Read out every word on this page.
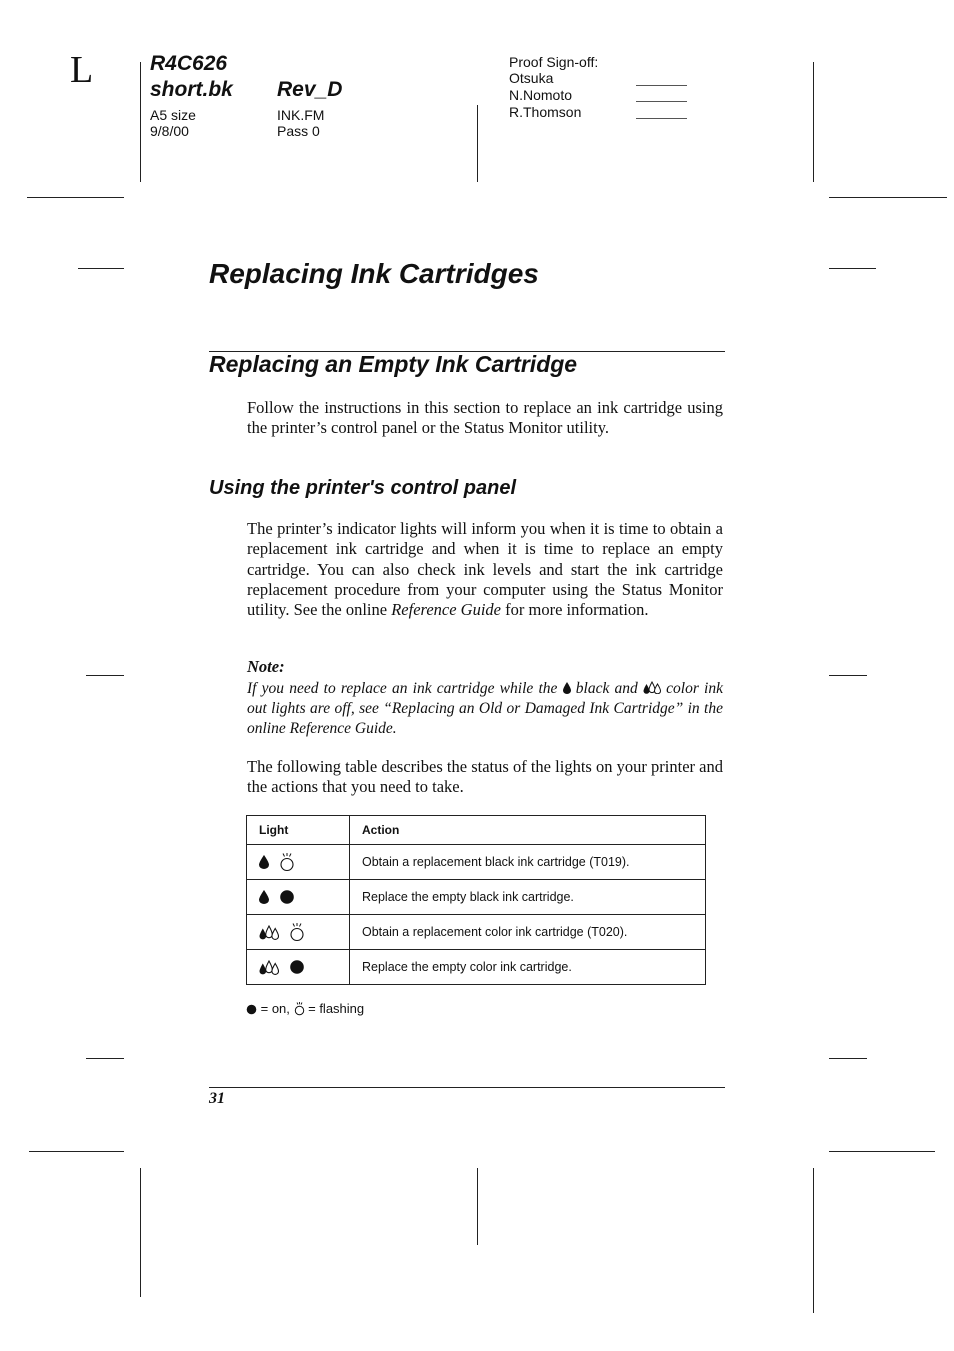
L	R4C626
short.bk Rev_D
A5 size	INK.FM
9/8/00	Pass 0
Proof Sign-off:
Otsuka
N.Nomoto
R.Thomson
Replacing Ink Cartridges
Replacing an Empty Ink Cartridge
Follow the instructions in this section to replace an ink cartridge using the printer’s control panel or the Status Monitor utility.
Using the printer's control panel
The printer’s indicator lights will inform you when it is time to obtain a replacement ink cartridge and when it is time to replace an empty cartridge. You can also check ink levels and start the ink cartridge replacement procedure from your computer using the Status Monitor utility. See the online Reference Guide for more information.
Note:
If you need to replace an ink cartridge while the  black and  color ink out lights are off, see “Replacing an Old or Damaged Ink Cartridge” in the online Reference Guide.
The following table describes the status of the lights on your printer and the actions that you need to take.
Light	Action

	Obtain a replacement black ink cartridge (T019).

	Replace the empty black ink cartridge.

	Obtain a replacement color ink cartridge (T020).

	Replace the empty color ink cartridge.
= on, = flashing
31
